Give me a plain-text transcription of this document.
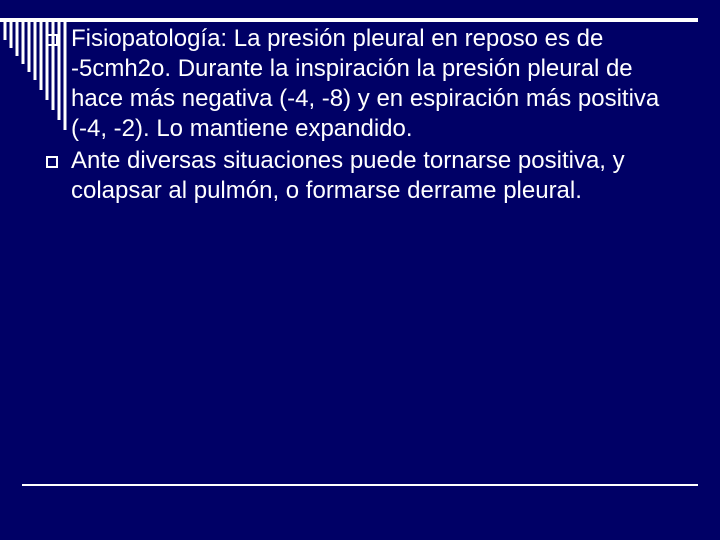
Fisiopatología: La presión pleural en reposo es de -5cmh2o. Durante la inspiración la presión pleural de hace más negativa (-4, -8) y en espiración más positiva (-4, -2). Lo mantiene expandido.
Ante diversas situaciones puede tornarse positiva, y colapsar al pulmón, o formarse derrame pleural.
